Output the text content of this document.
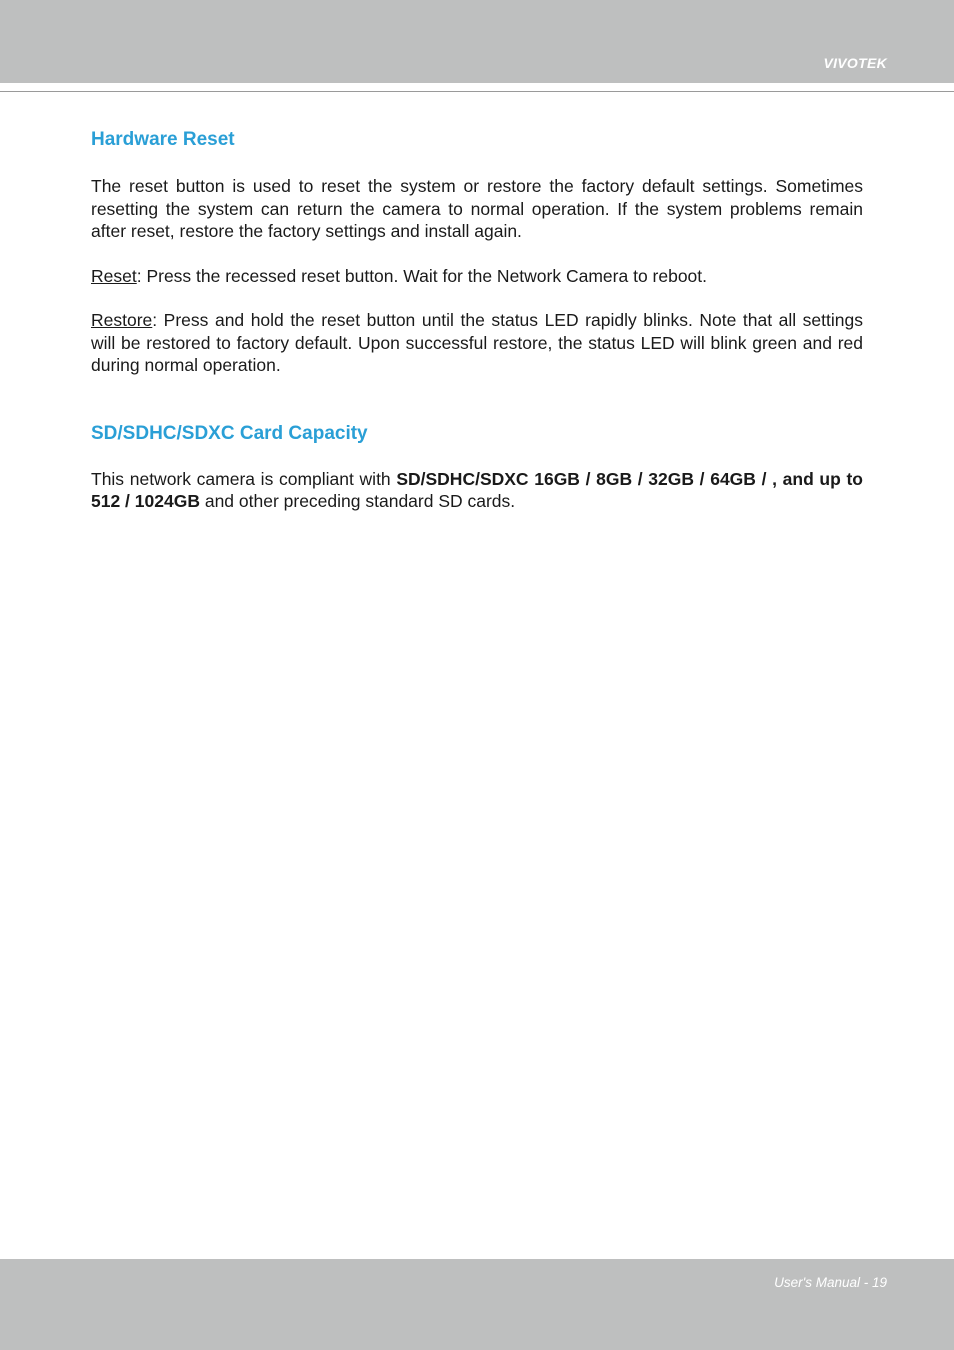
VIVOTEK
Hardware Reset

The reset button is used to reset the system or restore the factory default settings. Sometimes resetting the system can return the camera to normal operation. If the system problems remain after reset, restore the factory settings and install again.

Reset: Press the recessed reset button. Wait for the Network Camera to reboot.

Restore: Press and hold the reset button until the status LED rapidly blinks. Note that all settings will be restored to factory default. Upon successful restore, the status LED will blink green and red during normal operation.

SD/SDHC/SDXC Card Capacity

This network camera is compliant with SD/SDHC/SDXC 16GB / 8GB / 32GB / 64GB / , and up to 512 / 1024GB and other preceding standard SD cards.

User's Manual - 19
